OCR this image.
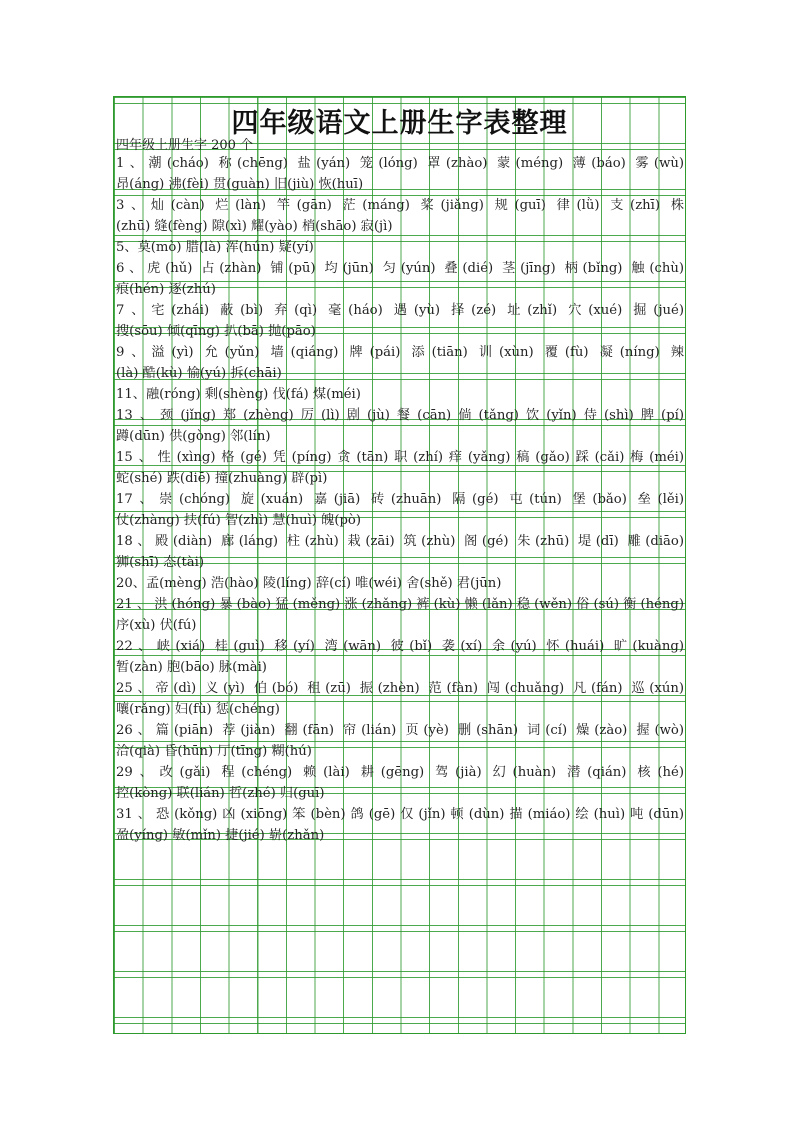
四年级语文上册生字表整理
四年级上册生字 200 个
1、潮(cháo) 称(chēng) 盐(yán) 笼(lóng) 罩(zhào) 蒙(méng) 薄(báo) 雾(wù)
昂(áng) 沸(fèi) 贯(guàn) 旧(jiù) 恢(huī)
3、灿(càn) 烂(làn) 竿(gān) 茫(máng) 桨(jiǎng) 规(guī) 律(lǜ) 支(zhī) 株
(zhū) 缝(fèng) 隙(xì) 耀(yào) 梢(shāo) 寂(jì)
5、莫(mò) 腊(là) 浑(hún) 疑(yí)
6、虎(hǔ) 占(zhàn) 铺(pū) 均(jūn) 匀(yún) 叠(dié) 茎(jīng) 柄(bǐng) 触(chù)
痕(hén) 逐(zhú)
7、宅(zhái) 蔽(bì) 弃(qì) 毫(háo) 遇(yù) 择(zé) 址(zhǐ) 穴(xué) 掘(jué)
搜(sōu) 倾(qīng) 扒(bā) 抛(pāo)
9、溢(yì) 允(yǔn) 墙(qiáng) 牌(pái) 添(tiān) 训(xùn) 覆(fù) 凝(níng) 辣
(là) 酷(kù) 愉(yú) 拆(chāi)
11、融(róng) 剩(shèng) 伐(fá) 煤(méi)
13、颈(jǐng)郑(zhèng)厉(lì)剧(jù)餐(cān)倘(tǎng)饮(yǐn)侍(shì)脾(pí)
蹲(dūn) 供(gòng) 邻(lín)
15、性(xìng)格(gé)凭(píng)贪(tān)职(zhí)痒(yǎng)稿(gǎo)踩(cǎi)梅(méi)
蛇(shé) 跌(diē) 撞(zhuàng) 辟(pì)
17、崇(chóng) 旋(xuán) 嘉(jiā) 砖(zhuān) 隔(gé) 屯(tún) 堡(bǎo) 垒(lěi)
仗(zhàng) 扶(fú) 智(zhì) 慧(huì) 魄(pò)
18、殿(diàn) 廊(láng) 柱(zhù) 栽(zāi) 筑(zhù) 阁(gé) 朱(zhū) 堤(dī) 雕(diāo)
狮(shī) 态(tài)
20、孟(mèng) 浩(hào) 陵(líng) 辞(cí) 唯(wéi) 舍(shě) 君(jūn)
21、洪(hóng)暴(bào)猛(měng)涨(zhǎng)裤(kù)懒(lǎn)稳(wěn)俗(sú)衡(héng)
序(xù) 伏(fú)
22、峡(xiá) 桂(guì) 移(yí) 湾(wān) 彼(bǐ) 袭(xí) 余(yú) 怀(huái) 旷(kuàng)
暂(zàn) 胞(bāo) 脉(mài)
25、帝(dì) 义(yì) 伯(bó) 租(zū) 振(zhèn) 范(fàn) 闯(chuǎng) 凡(fán) 巡(xún)
嚷(rǎng) 妇(fù) 惩(chéng)
26、篇(piān) 荐(jiàn) 翻(fān) 帘(lián) 页(yè) 删(shān) 词(cí) 燥(zào) 握(wò)
洽(qià) 昏(hūn) 厅(tīng) 糊(hú)
29、改(gǎi) 程(chéng) 赖(lài) 耕(gēng) 驾(jià) 幻(huàn) 潜(qián) 核(hé)
控(kòng) 联(lián) 哲(zhé) 归(guī)
31、恐(kǒng)凶(xiōng)笨(bèn)鸽(gē)仅(jǐn)顿(dùn)描(miáo)绘(huì)吨(dūn)
盈(yíng) 敏(mǐn) 捷(jié) 崭(zhǎn)
